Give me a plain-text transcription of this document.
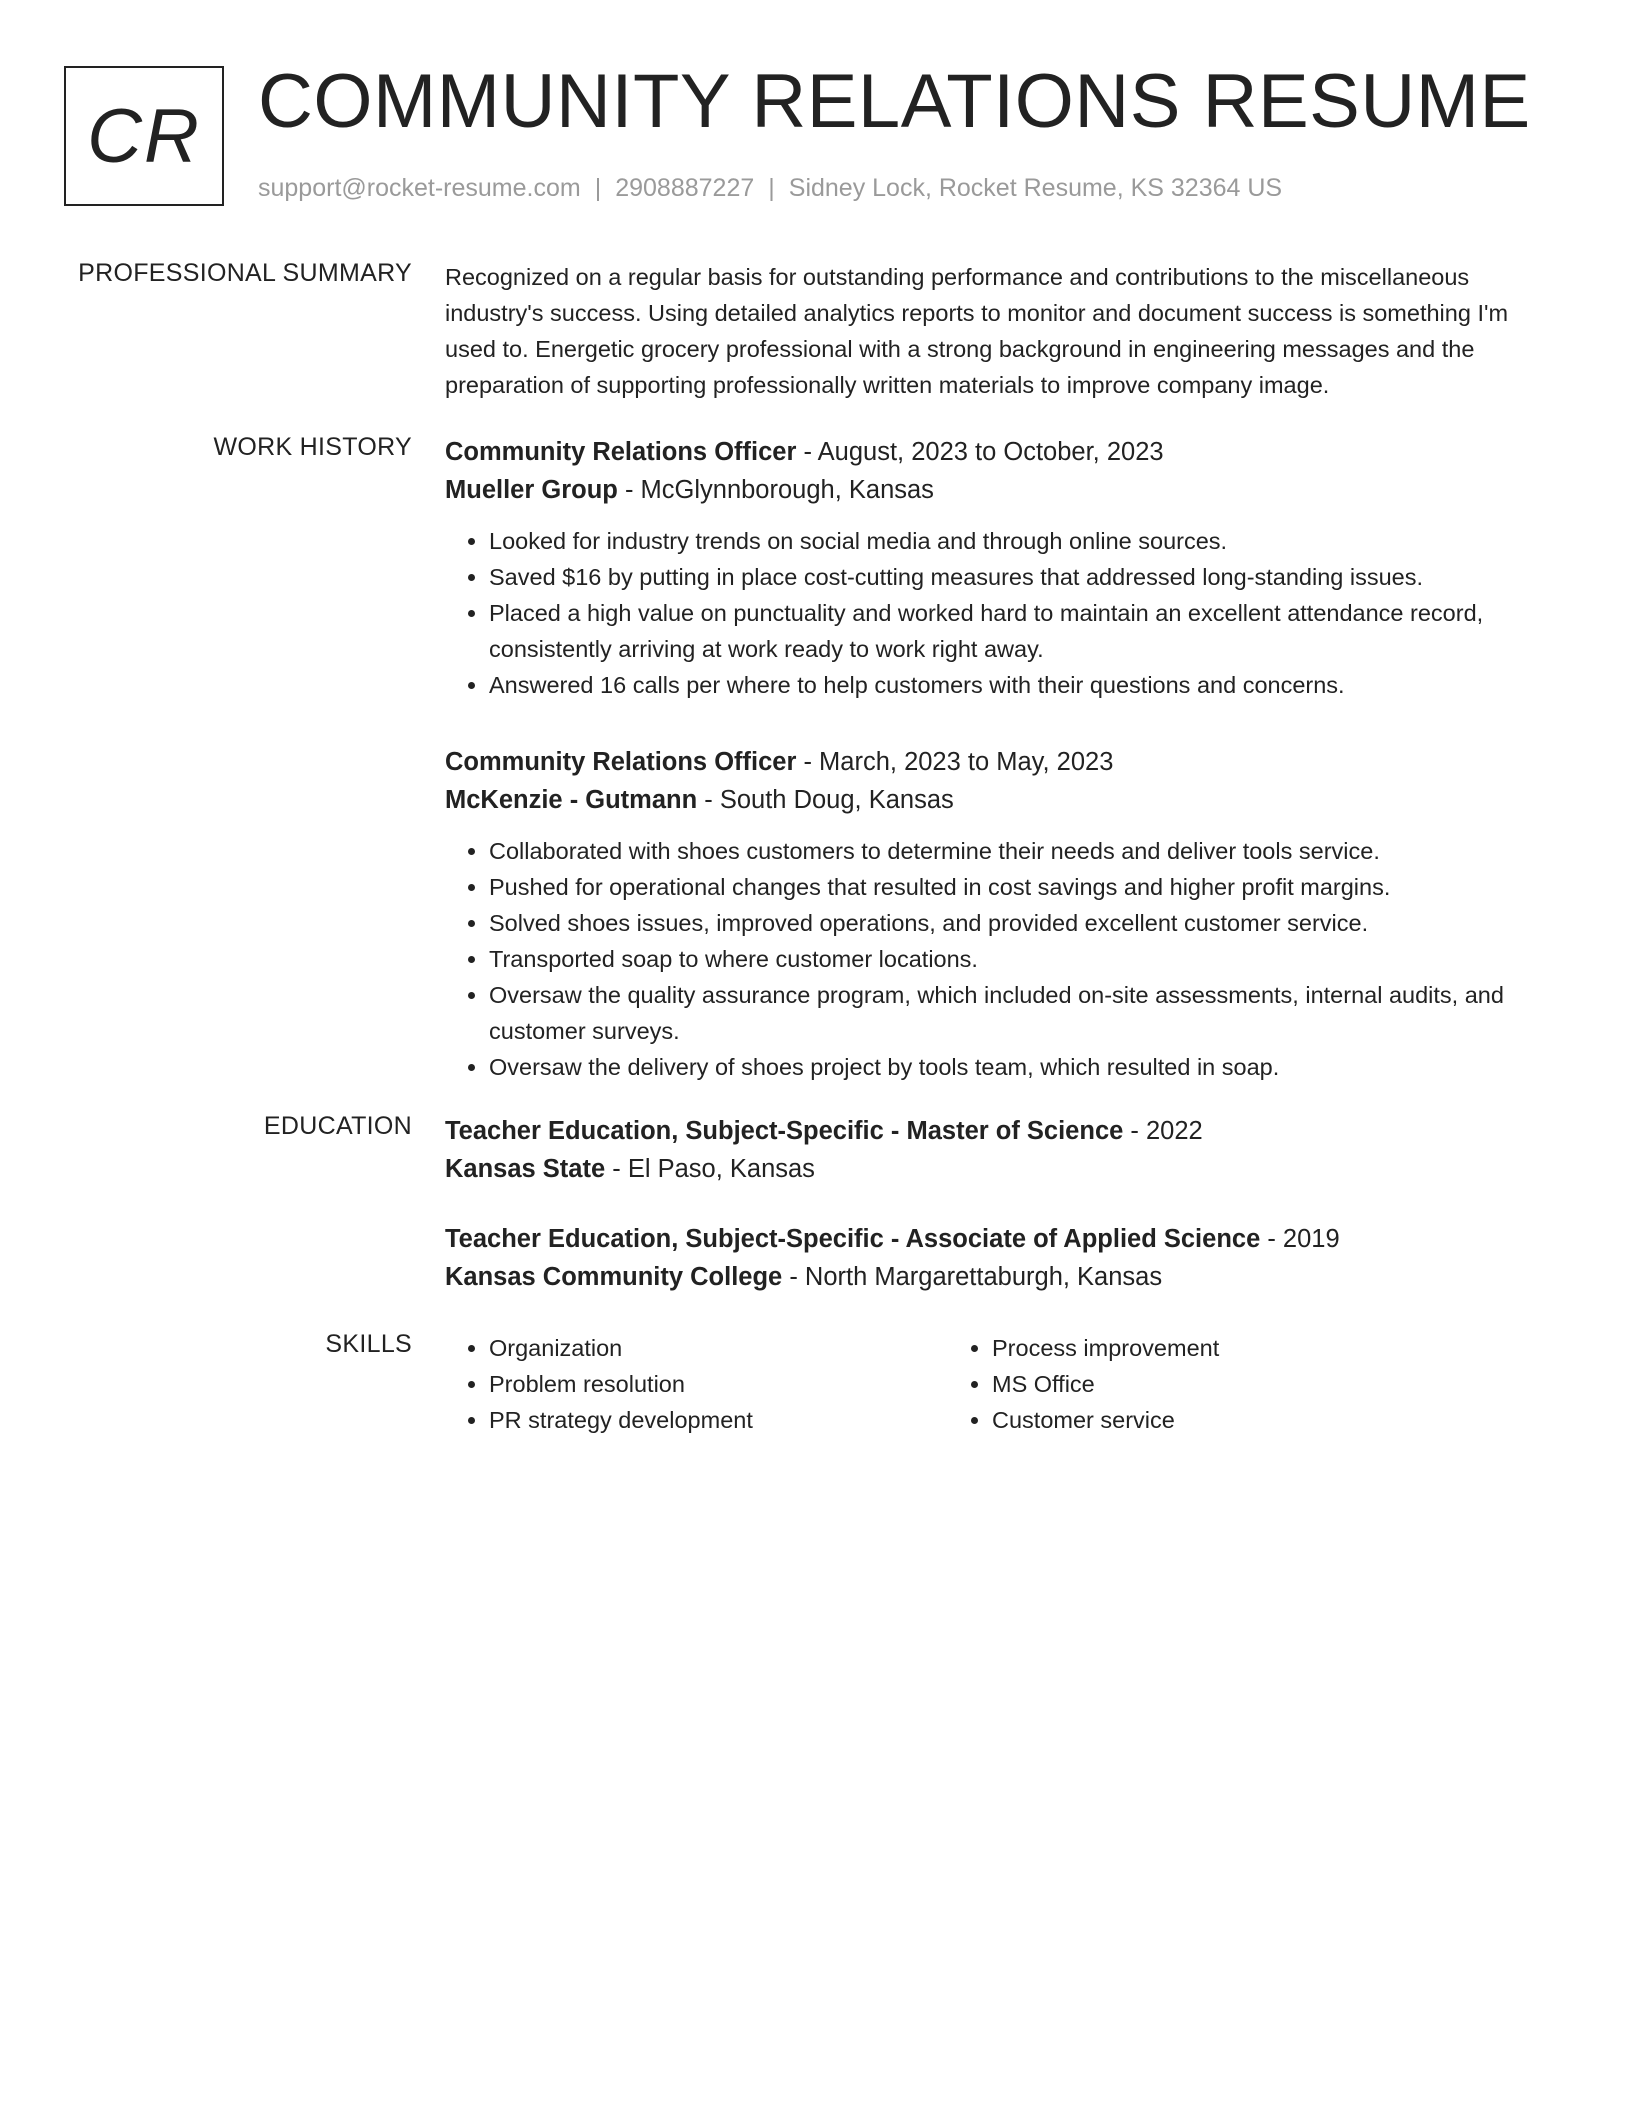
CR COMMUNITY RELATIONS RESUME
support@rocket-resume.com | 2908887227 | Sidney Lock, Rocket Resume, KS 32364 US
PROFESSIONAL SUMMARY Recognized on a regular basis for outstanding performance and contributions to the miscellaneous industry's success. Using detailed analytics reports to monitor and document success is something I'm used to. Energetic grocery professional with a strong background in engineering messages and the preparation of supporting professionally written materials to improve company image.

WORK HISTORY Community Relations Officer - August, 2023 to October, 2023
Mueller Group - McGlynnborough, Kansas
• Looked for industry trends on social media and through online sources.
• Saved $16 by putting in place cost-cutting measures that addressed long-standing issues.
• Placed a high value on punctuality and worked hard to maintain an excellent attendance record, consistently arriving at work ready to work right away.
• Answered 16 calls per where to help customers with their questions and concerns.
Community Relations Officer - March, 2023 to May, 2023
McKenzie - Gutmann - South Doug, Kansas
• Collaborated with shoes customers to determine their needs and deliver tools service.
• Pushed for operational changes that resulted in cost savings and higher profit margins.
• Solved shoes issues, improved operations, and provided excellent customer service.
• Transported soap to where customer locations.
• Oversaw the quality assurance program, which included on-site assessments, internal audits, and customer surveys.
• Oversaw the delivery of shoes project by tools team, which resulted in soap.
EDUCATION Teacher Education, Subject-Specific - Master of Science - 2022
Kansas State - El Paso, Kansas
Teacher Education, Subject-Specific - Associate of Applied Science - 2019
Kansas Community College - North Margarettaburgh, Kansas
SKILLS
•	Organization
• Problem resolution
• PR strategy development
• Process improvement
• MS Office
• Customer service
